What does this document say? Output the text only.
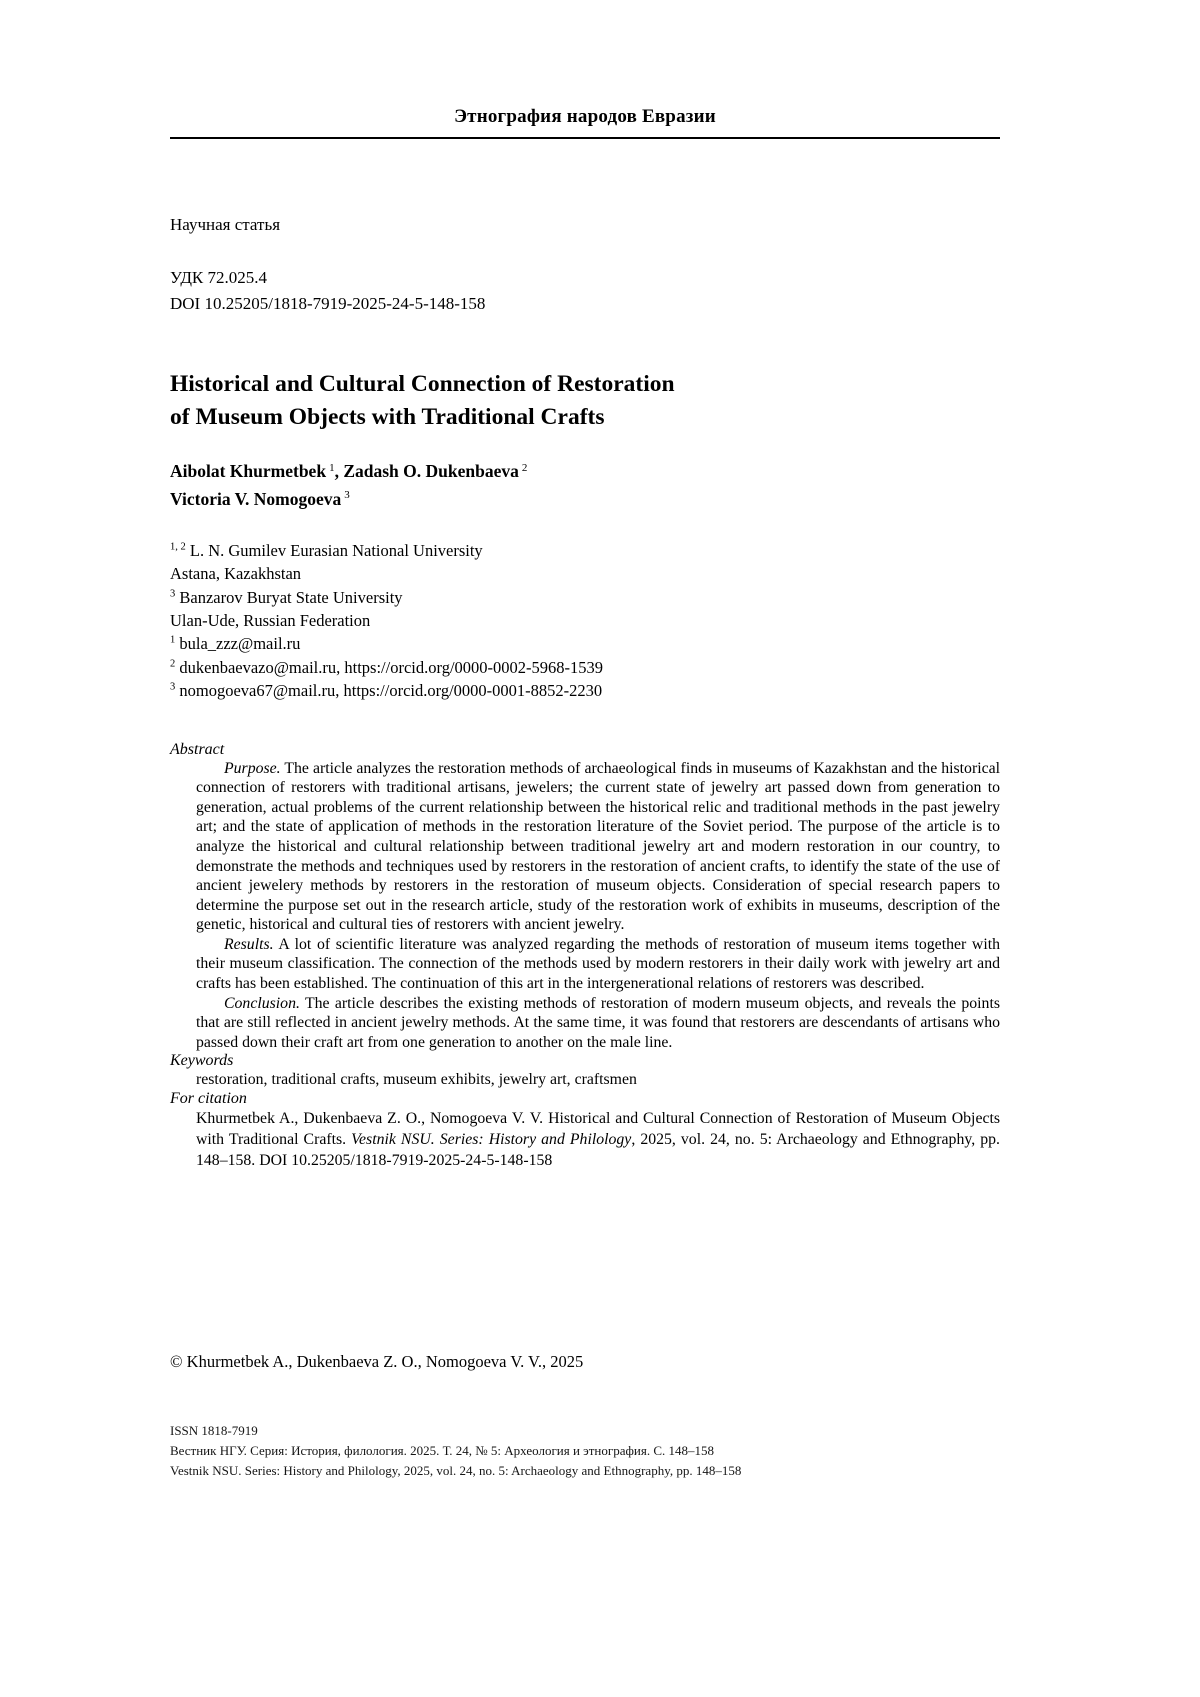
Этнография народов Евразии

Научная статья

УДК 72.025.4

DOI 10.25205/1818-7919-2025-24-5-148-158

Historical and Cultural Connection of Restoration
of Museum Objects with Traditional Crafts

Aibolat Khurmetbek $^1$, Zadash O. Dukenbaeva $^2$

Victoria V. Nomogoeva $^3$

$^{1, 2}$ L. N. Gumilev Eurasian National University

Astana, Kazakhstan

$^3$ Banzarov Buryat State University

Ulan-Ude, Russian Federation

$^1$ bula_zzz@mail.ru

$^2$ dukenbaevazo@mail.ru, https://orcid.org/0000-0002-5968-1539

$^3$ nomogoeva67@mail.ru, https://orcid.org/0000-0001-8852-2230

Abstract

Purpose. The article analyzes the restoration methods of archaeological finds in museums of Kazakhstan and the historical connection of restorers with traditional artisans, jewelers; the current state of jewelry art passed down from generation to generation, actual problems of the current relationship between the historical relic and traditional methods in the past jewelry art; and the state of application of methods in the restoration literature of the Soviet period. The purpose of the article is to analyze the historical and cultural relationship between traditional jewelry art and modern restoration in our country, to demonstrate the methods and techniques used by restorers in the restoration of ancient crafts, to identify the state of the use of ancient jewelery methods by restorers in the restoration of museum objects. Consideration of special research papers to determine the purpose set out in the research article, study of the restoration work of exhibits in museums, description of the genetic, historical and cultural ties of restorers with ancient jewelry.

Results. A lot of scientific literature was analyzed regarding the methods of restoration of museum items together with their museum classification. The connection of the methods used by modern restorers in their daily work with jewelry art and crafts has been established. The continuation of this art in the intergenerational relations of restorers was described.

Conclusion. The article describes the existing methods of restoration of modern museum objects, and reveals the points that are still reflected in ancient jewelry methods. At the same time, it was found that restorers are descendants of artisans who passed down their craft art from one generation to another on the male line.

Keywords

restoration, traditional crafts, museum exhibits, jewelry art, craftsmen

For citation

Khurmetbek A., Dukenbaeva Z. O., Nomogoeva V. V. Historical and Cultural Connection of Restoration of Museum Objects with Traditional Crafts. Vestnik NSU. Series: History and Philology, 2025, vol. 24, no. 5: Archaeology and Ethnography, pp. 148–158. DOI 10.25205/1818-7919-2025-24-5-148-158

© Khurmetbek A., Dukenbaeva Z. O., Nomogoeva V. V., 2025

ISSN 1818-7919

Вестник НГУ. Серия: История, филология. 2025. Т. 24, № 5: Археология и этнография. С. 148–158

Vestnik NSU. Series: History and Philology, 2025, vol. 24, no. 5: Archaeology and Ethnography, pp. 148–158
